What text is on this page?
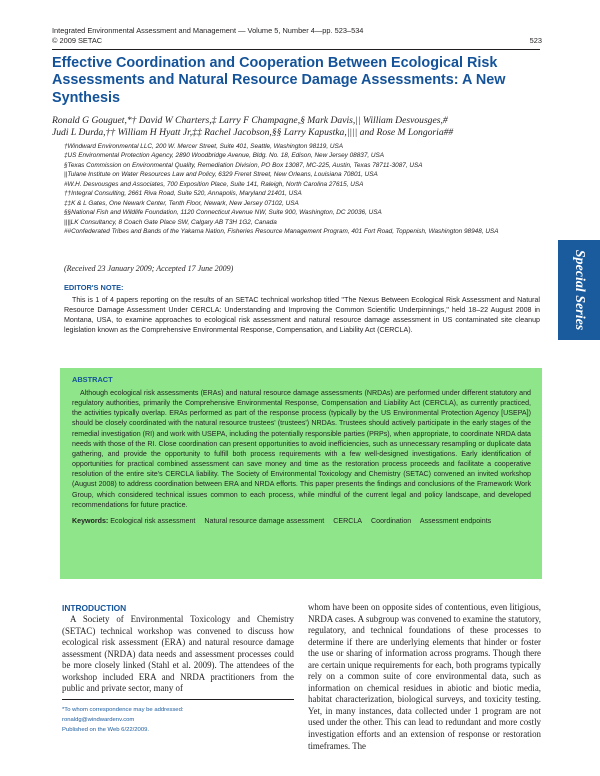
Integrated Environmental Assessment and Management — Volume 5, Number 4—pp. 523–534
© 2009 SETAC	523
Effective Coordination and Cooperation Between Ecological Risk Assessments and Natural Resource Damage Assessments: A New Synthesis
Ronald G Gouguet,*† David W Charters,‡ Larry F Champagne,§ Mark Davis,|| William Desvousges,#
Judi L Durda,†† William H Hyatt Jr,‡‡ Rachel Jacobson,§§ Larry Kapustka,|||| and Rose M Longoria##
†Windward Environmental LLC, 200 W. Mercer Street, Suite 401, Seattle, Washington 98119, USA
‡US Environmental Protection Agency, 2890 Woodbridge Avenue, Bldg. No. 18, Edison, New Jersey 08837, USA
§Texas Commission on Environmental Quality, Remediation Division, PO Box 13087, MC-225, Austin, Texas 78711-3087, USA
||Tulane Institute on Water Resources Law and Policy, 6329 Freret Street, New Orleans, Louisiana 70801, USA
#W.H. Desvousges and Associates, 700 Exposition Place, Suite 141, Raleigh, North Carolina 27615, USA
††Integral Consulting, 2661 Riva Road, Suite 520, Annapolis, Maryland 21401, USA
‡‡K & L Gates, One Newark Center, Tenth Floor, Newark, New Jersey 07102, USA
§§National Fish and Wildlife Foundation, 1120 Connecticut Avenue NW, Suite 900, Washington, DC 20036, USA
||||LK Consultancy, 8 Coach Gate Place SW, Calgary AB T3H 1G2, Canada
##Confederated Tribes and Bands of the Yakama Nation, Fisheries Resource Management Program, 401 Fort Road, Toppenish, Washington 98948, USA
(Received 23 January 2009; Accepted 17 June 2009)
EDITOR'S NOTE:
This is 1 of 4 papers reporting on the results of an SETAC technical workshop titled ''The Nexus Between Ecological Risk Assessment and Natural Resource Damage Assessment Under CERCLA: Understanding and Improving the Common Scientific Underpinnings,'' held 18–22 August 2008 in Montana, USA, to examine approaches to ecological risk assessment and natural resource damage assessment in US contaminated site cleanup legislation known as the Comprehensive Environmental Response, Compensation, and Liability Act (CERCLA).
Special Series
ABSTRACT
Although ecological risk assessments (ERAs) and natural resource damage assessments (NRDAs) are performed under different statutory and regulatory authorities, primarily the Comprehensive Environmental Response, Compensation and Liability Act (CERCLA), as currently practiced, the activities typically overlap. ERAs performed as part of the response process (typically by the US Environmental Protection Agency [USEPA]) should be closely coordinated with the natural resource trustees' (trustees') NRDAs. Trustees should actively participate in the early stages of the remedial investigation (RI) and work with USEPA, including the potentially responsible parties (PRPs), when appropriate, to coordinate NRDA data needs with those of the RI. Close coordination can present opportunities to avoid inefficiencies, such as unnecessary resampling or duplicate data gathering, and provide the opportunity to fulfill both process requirements with a few well-designed investigations. Early identification of opportunities for practical combined assessment can save money and time as the restoration process proceeds and facilitate a cooperative resolution of the entire site's CERCLA liability. The Society of Environmental Toxicology and Chemistry (SETAC) convened an invited workshop (August 2008) to address coordination between ERA and NRDA efforts. This paper presents the findings and conclusions of the Framework Work Group, which considered technical issues common to each process, while mindful of the current legal and policy landscape, and developed recommendations for future practice.
Keywords: Ecological risk assessment Natural resource damage assessment CERCLA Coordination Assessment endpoints
INTRODUCTION
A Society of Environmental Toxicology and Chemistry (SETAC) technical workshop was convened to discuss how ecological risk assessment (ERA) and natural resource damage assessment (NRDA) data needs and assessment processes could be more closely linked (Stahl et al. 2009). The attendees of the workshop included ERA and NRDA practitioners from the public and private sector, many of
whom have been on opposite sides of contentious, even litigious, NRDA cases. A subgroup was convened to examine the statutory, regulatory, and technical foundations of these processes to determine if there are underlying elements that hinder or foster the use or sharing of information across programs. Though there are certain unique requirements for each, both programs typically rely on a common suite of core environmental data, such as information on chemical residues in abiotic and biotic media, habitat characterization, biological surveys, and toxicity testing. Yet, in many instances, data collected under 1 program are not used under the other. This can lead to redundant and more costly investigation efforts and an extension of response or restoration timeframes. The
*To whom correspondence may be addressed:
ronaldg@windwardenv.com
Published on the Web 6/22/2009.
